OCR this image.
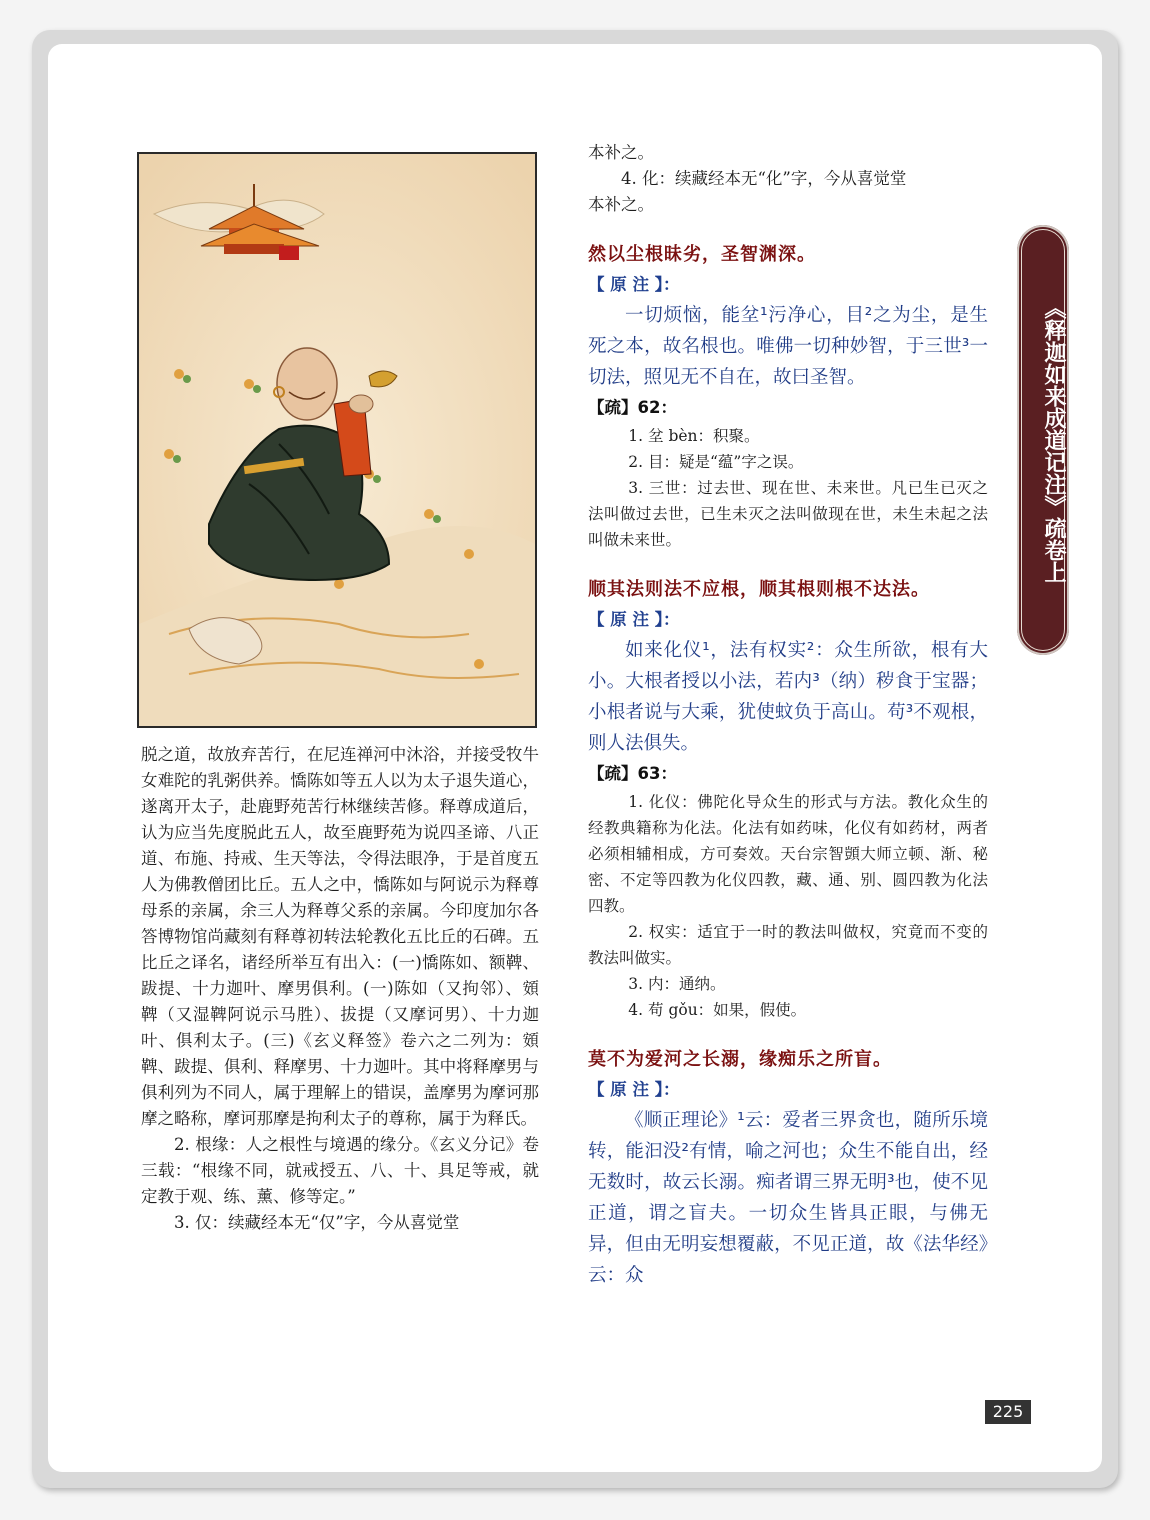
脱之道，故放弃苦行，在尼连禅河中沐浴，并接受牧牛女难陀的乳粥供养。憍陈如等五人以为太子退失道心，遂离开太子，赴鹿野苑苦行林继续苦修。释尊成道后，认为应当先度脱此五人，故至鹿野苑为说四圣谛、八正道、布施、持戒、生天等法，令得法眼净，于是首度五人为佛教僧团比丘。五人之中，憍陈如与阿说示为释尊母系的亲属，余三人为释尊父系的亲属。今印度加尔各答博物馆尚藏刻有释尊初转法轮教化五比丘的石碑。五比丘之译名，诸经所举互有出入：(一)憍陈如、额鞞、跋提、十力迦叶、摩男俱利。(一)陈如（又拘邻）、頞鞞（又湿鞞阿说示马胜）、拔提（又摩诃男）、十力迦叶、俱利太子。(三)《玄义释签》卷六之二列为：頞鞞、跋提、俱利、释摩男、十力迦叶。其中将释摩男与俱利列为不同人，属于理解上的错误，盖摩男为摩诃那摩之略称，摩诃那摩是拘利太子的尊称，属于为释氏。

2. 根缘：人之根性与境遇的缘分。《玄义分记》卷三载：“根缘不同，就戒授五、八、十、具足等戒，就定教于观、练、薰、修等定。”

3. 仅：续藏经本无“仅”字，今从喜觉堂

本补之。

4. 化：续藏经本无“化”字，今从喜觉堂

本补之。

然以尘根昧劣，圣智渊深。

【 原 注 】：

一切烦恼，能坌¹污净心，目²之为尘，是生死之本，故名根也。唯佛一切种妙智，于三世³一切法，照见无不自在，故曰圣智。

【疏】62：

1. 坌 bèn：积聚。

2. 目：疑是“蕴”字之误。

3. 三世：过去世、现在世、未来世。凡已生已灭之法叫做过去世，已生未灭之法叫做现在世，未生未起之法叫做未来世。

顺其法则法不应根，顺其根则根不达法。

【 原 注 】：

如来化仪¹，法有权实²：众生所欲，根有大小。大根者授以小法，若内³（纳）秽食于宝器；小根者说与大乘，犹使蚊负于高山。苟³不观根，则人法俱失。

【疏】63：

1. 化仪：佛陀化导众生的形式与方法。教化众生的经教典籍称为化法。化法有如药味，化仪有如药材，两者必须相辅相成，方可奏效。天台宗智顗大师立顿、渐、秘密、不定等四教为化仪四教，藏、通、别、圆四教为化法四教。

2. 权实：适宜于一时的教法叫做权，究竟而不变的教法叫做实。

3. 内：通纳。

4. 苟 gǒu：如果，假使。

莫不为爱河之长溺，缘痴乐之所盲。

【 原 注 】：

《顺正理论》¹云：爱者三界贪也，随所乐境转，能汩没²有情，喻之河也；众生不能自出，经无数时，故云长溺。痴者谓三界无明³也，使不见正道，谓之盲夫。一切众生皆具正眼，与佛无异，但由无明妄想覆蔽，不见正道，故《法华经》云：众

《释迦如来成道记注》疏卷上
225
